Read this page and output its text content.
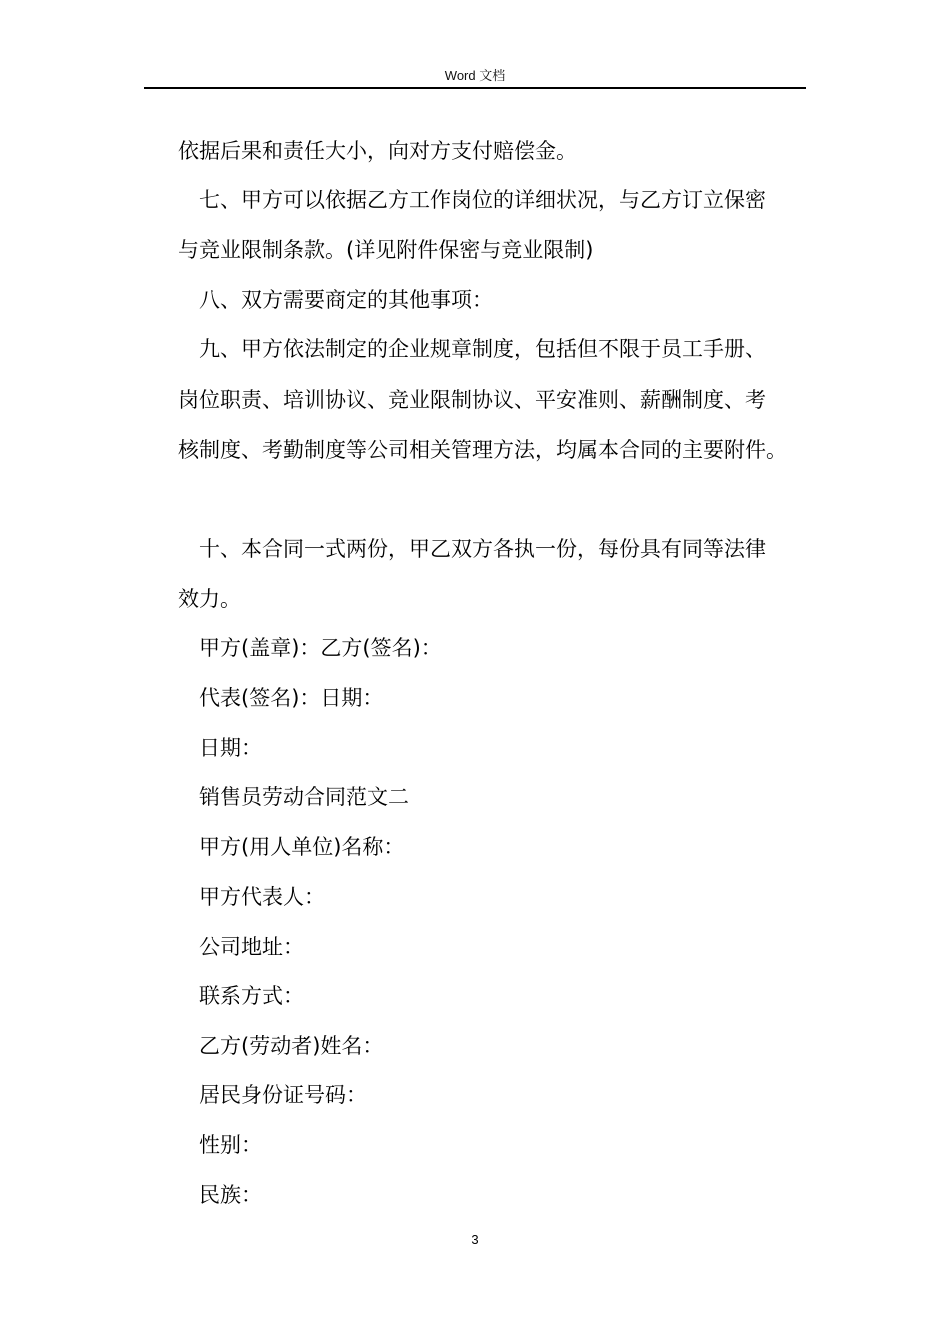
Word 文档
依据后果和责任大小，向对方支付赔偿金。
七、甲方可以依据乙方工作岗位的详细状况，与乙方订立保密
与竞业限制条款。(详见附件保密与竞业限制)
八、双方需要商定的其他事项：
九、甲方依法制定的企业规章制度，包括但不限于员工手册、
岗位职责、培训协议、竞业限制协议、平安准则、薪酬制度、考
核制度、考勤制度等公司相关管理方法，均属本合同的主要附件。
十、本合同一式两份，甲乙双方各执一份，每份具有同等法律
效力。
甲方(盖章)：乙方(签名)：
代表(签名)：日期：
日期：
销售员劳动合同范文二
甲方(用人单位)名称：
甲方代表人：
公司地址：
联系方式：
乙方(劳动者)姓名：
居民身份证号码：
性别：
民族：
3
